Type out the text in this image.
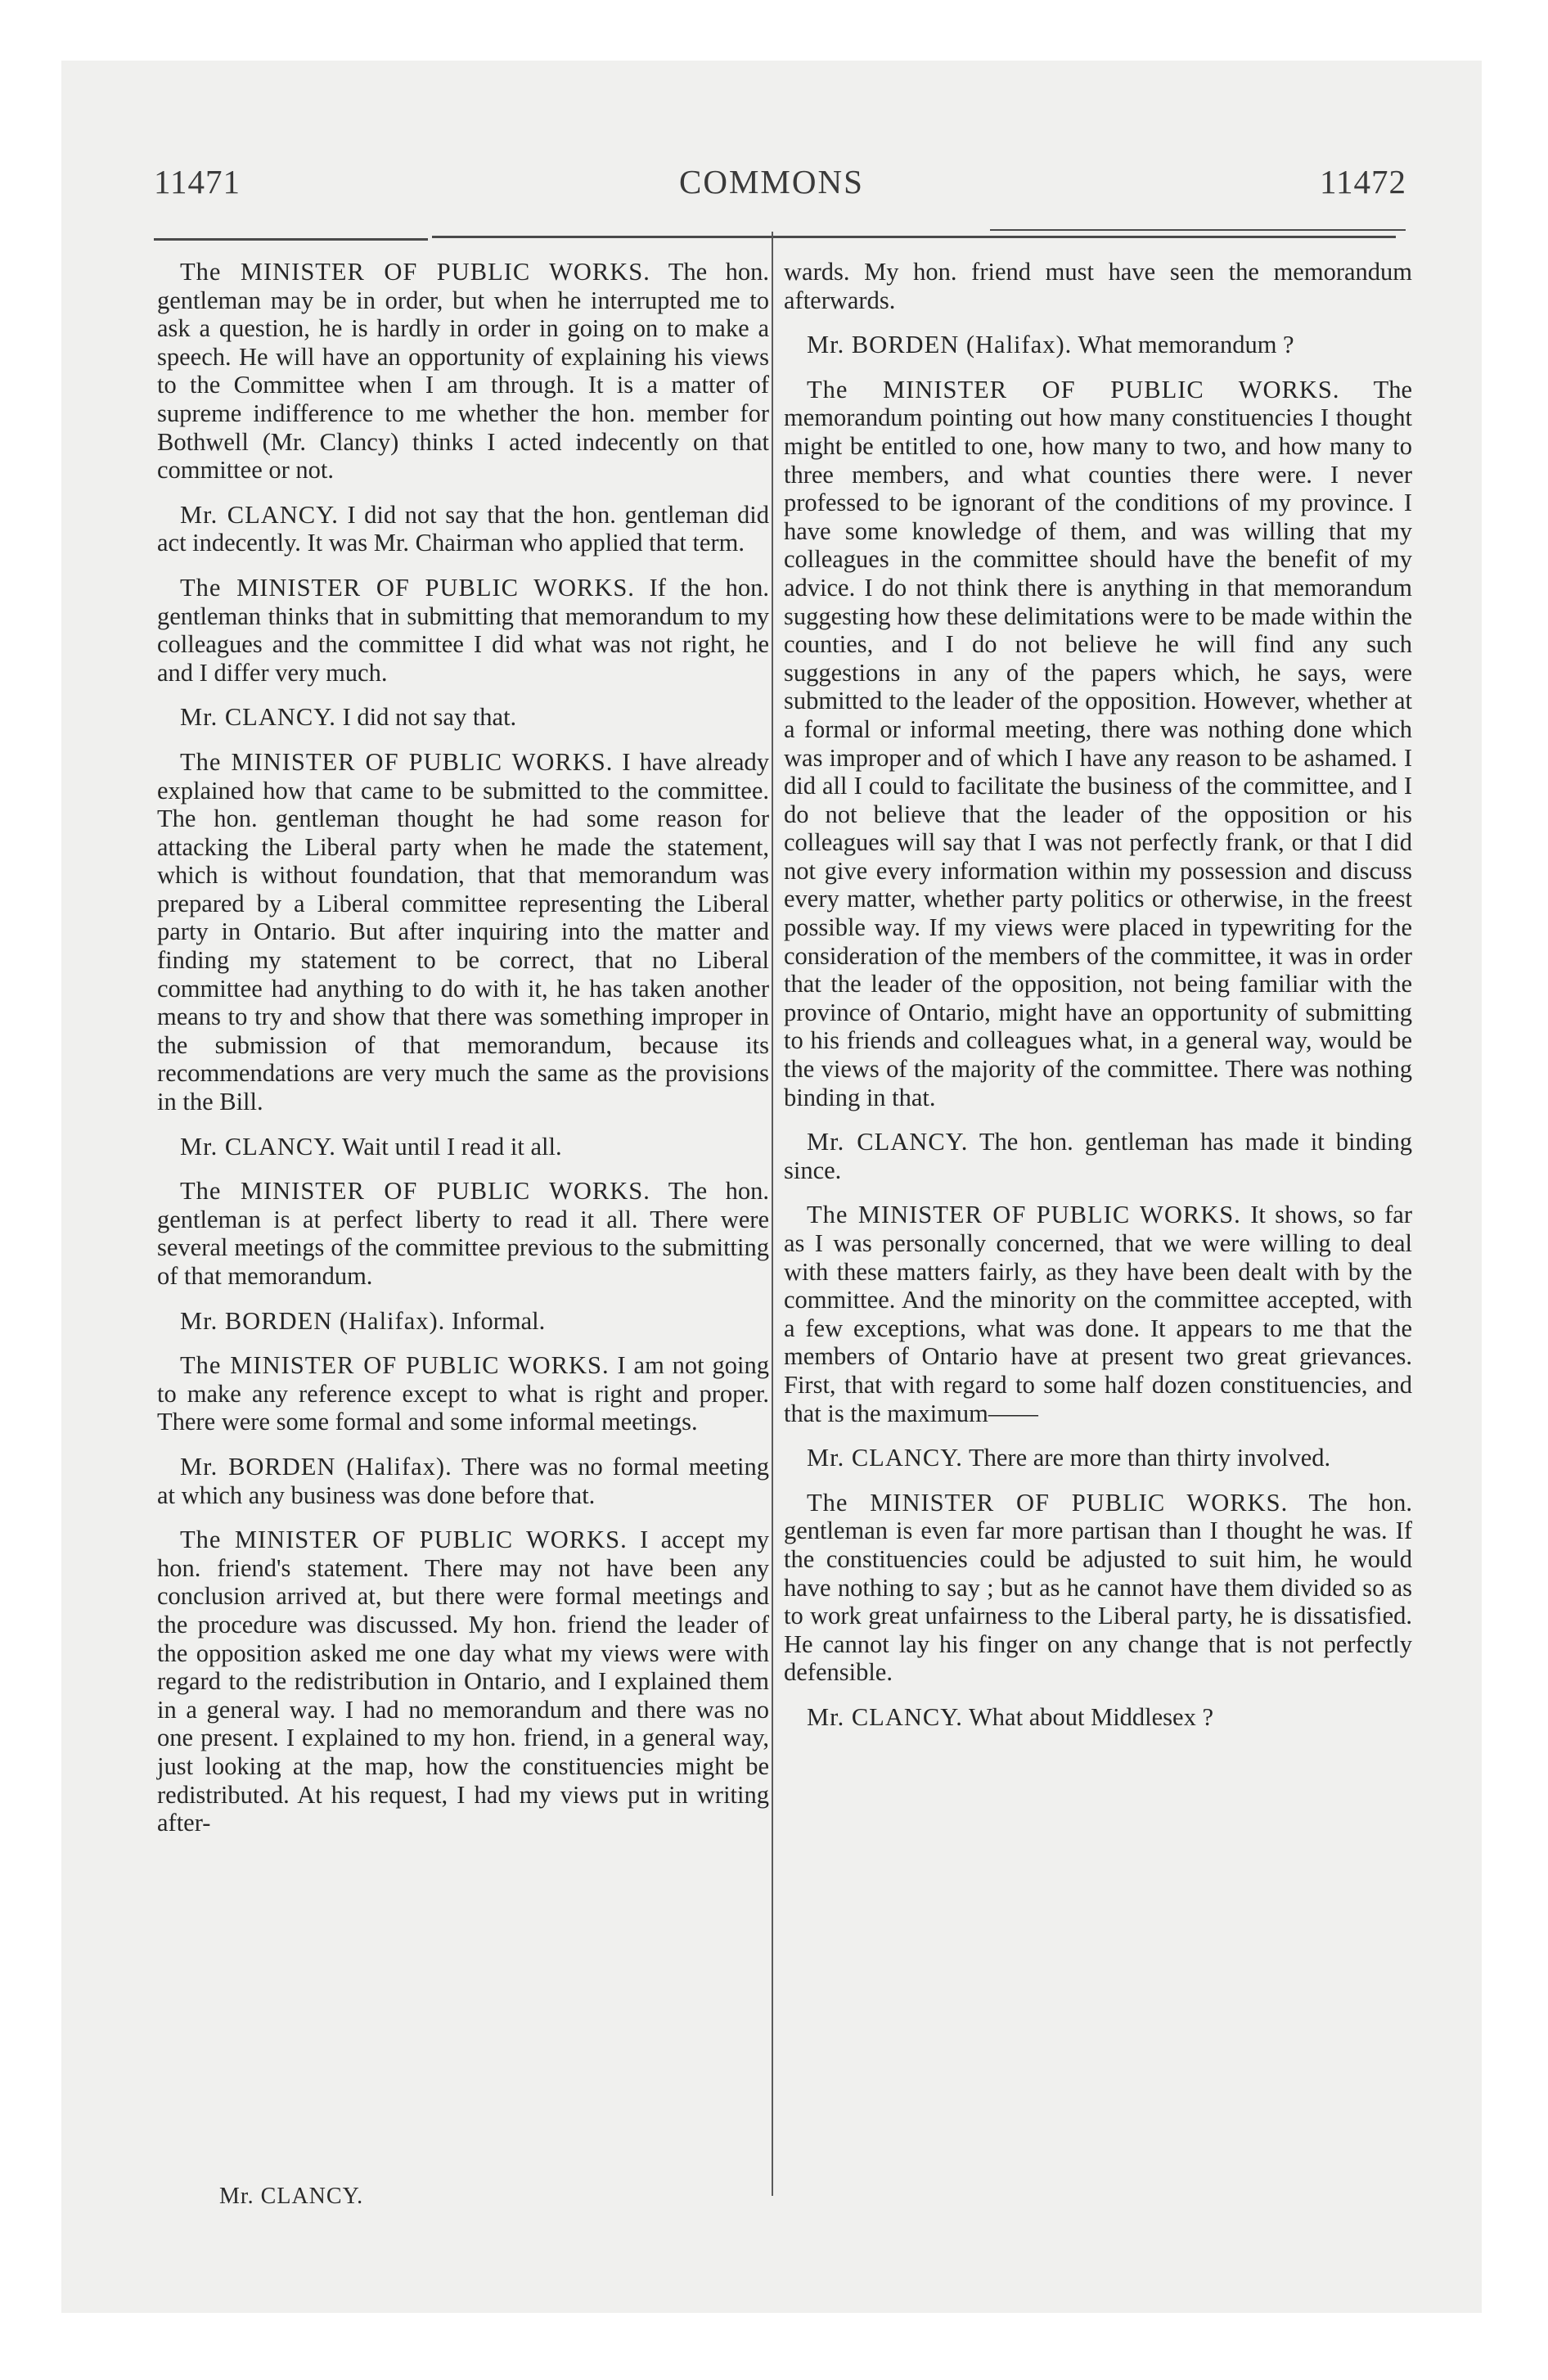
11471	COMMONS	11472

The MINISTER OF PUBLIC WORKS. The hon. gentleman may be in order, but when he interrupted me to ask a question, he is hardly in order in going on to make a speech. He will have an opportunity of explaining his views to the Committee when I am through. It is a matter of supreme indifference to me whether the hon. member for Bothwell (Mr. Clancy) thinks I acted indecently on that committee or not.

Mr. CLANCY. I did not say that the hon. gentleman did act indecently. It was Mr. Chairman who applied that term.

The MINISTER OF PUBLIC WORKS. If the hon. gentleman thinks that in submitting that memorandum to my colleagues and the committee I did what was not right, he and I differ very much.

Mr. CLANCY. I did not say that.

The MINISTER OF PUBLIC WORKS. I have already explained how that came to be submitted to the committee. The hon. gentleman thought he had some reason for attacking the Liberal party when he made the statement, which is without foundation, that that memorandum was prepared by a Liberal committee representing the Liberal party in Ontario. But after inquiring into the matter and finding my statement to be correct, that no Liberal committee had anything to do with it, he has taken another means to try and show that there was something improper in the submission of that memorandum, because its recommendations are very much the same as the provisions in the Bill.

Mr. CLANCY. Wait until I read it all.

The MINISTER OF PUBLIC WORKS. The hon. gentleman is at perfect liberty to read it all. There were several meetings of the committee previous to the submitting of that memorandum.

Mr. BORDEN (Halifax). Informal.

The MINISTER OF PUBLIC WORKS. I am not going to make any reference except to what is right and proper. There were some formal and some informal meetings.

Mr. BORDEN (Halifax). There was no formal meeting at which any business was done before that.

The MINISTER OF PUBLIC WORKS. I accept my hon. friend's statement. There may not have been any conclusion arrived at, but there were formal meetings and the procedure was discussed. My hon. friend the leader of the opposition asked me one day what my views were with regard to the redistribution in Ontario, and I explained them in a general way. I had no memorandum and there was no one present. I explained to my hon. friend, in a general way, just looking at the map, how the constituencies might be redistributed. At his request, I had my views put in writing after-

Mr. CLANCY.

wards. My hon. friend must have seen the memorandum afterwards.

Mr. BORDEN (Halifax). What memorandum ?

The MINISTER OF PUBLIC WORKS. The memorandum pointing out how many constituencies I thought might be entitled to one, how many to two, and how many to three members, and what counties there were. I never professed to be ignorant of the conditions of my province. I have some knowledge of them, and was willing that my colleagues in the committee should have the benefit of my advice. I do not think there is anything in that memorandum suggesting how these delimitations were to be made within the counties, and I do not believe he will find any such suggestions in any of the papers which, he says, were submitted to the leader of the opposition. However, whether at a formal or informal meeting, there was nothing done which was improper and of which I have any reason to be ashamed. I did all I could to facilitate the business of the committee, and I do not believe that the leader of the opposition or his colleagues will say that I was not perfectly frank, or that I did not give every information within my possession and discuss every matter, whether party politics or otherwise, in the freest possible way. If my views were placed in typewriting for the consideration of the members of the committee, it was in order that the leader of the opposition, not being familiar with the province of Ontario, might have an opportunity of submitting to his friends and colleagues what, in a general way, would be the views of the majority of the committee. There was nothing binding in that.

Mr. CLANCY. The hon. gentleman has made it binding since.

The MINISTER OF PUBLIC WORKS. It shows, so far as I was personally concerned, that we were willing to deal with these matters fairly, as they have been dealt with by the committee. And the minority on the committee accepted, with a few exceptions, what was done. It appears to me that the members of Ontario have at present two great grievances. First, that with regard to some half dozen constituencies, and that is the maximum——

Mr. CLANCY. There are more than thirty involved.

The MINISTER OF PUBLIC WORKS. The hon. gentleman is even far more partisan than I thought he was. If the constituencies could be adjusted to suit him, he would have nothing to say ; but as he cannot have them divided so as to work great unfairness to the Liberal party, he is dissatisfied. He cannot lay his finger on any change that is not perfectly defensible.

Mr. CLANCY. What about Middlesex ?
